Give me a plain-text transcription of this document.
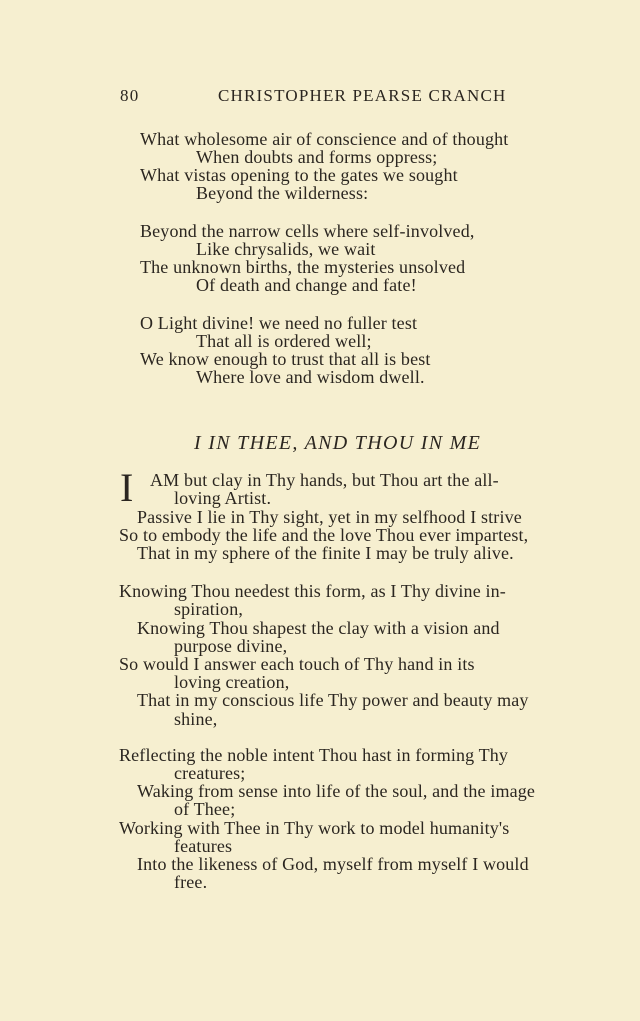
80	CHRISTOPHER PEARSE CRANCH
What wholesome air of conscience and of thought
When doubts and forms oppress;
What vistas opening to the gates we sought
Beyond the wilderness:
Beyond the narrow cells where self-involved,
Like chrysalids, we wait
The unknown births, the mysteries unsolved
Of death and change and fate!
O Light divine! we need no fuller test
That all is ordered well;
We know enough to trust that all is best
Where love and wisdom dwell.
I IN THEE, AND THOU IN ME
I AM but clay in Thy hands, but Thou art the all-
loving Artist.
Passive I lie in Thy sight, yet in my selfhood I strive
So to embody the life and the love Thou ever impartest,
That in my sphere of the finite I may be truly alive.
Knowing Thou needest this form, as I Thy divine in-
spiration,
Knowing Thou shapest the clay with a vision and
purpose divine,
So would I answer each touch of Thy hand in its
loving creation,
That in my conscious life Thy power and beauty may
shine,
Reflecting the noble intent Thou hast in forming Thy
creatures;
Waking from sense into life of the soul, and the image
of Thee;
Working with Thee in Thy work to model humanity's
features
Into the likeness of God, myself from myself I would
free.
